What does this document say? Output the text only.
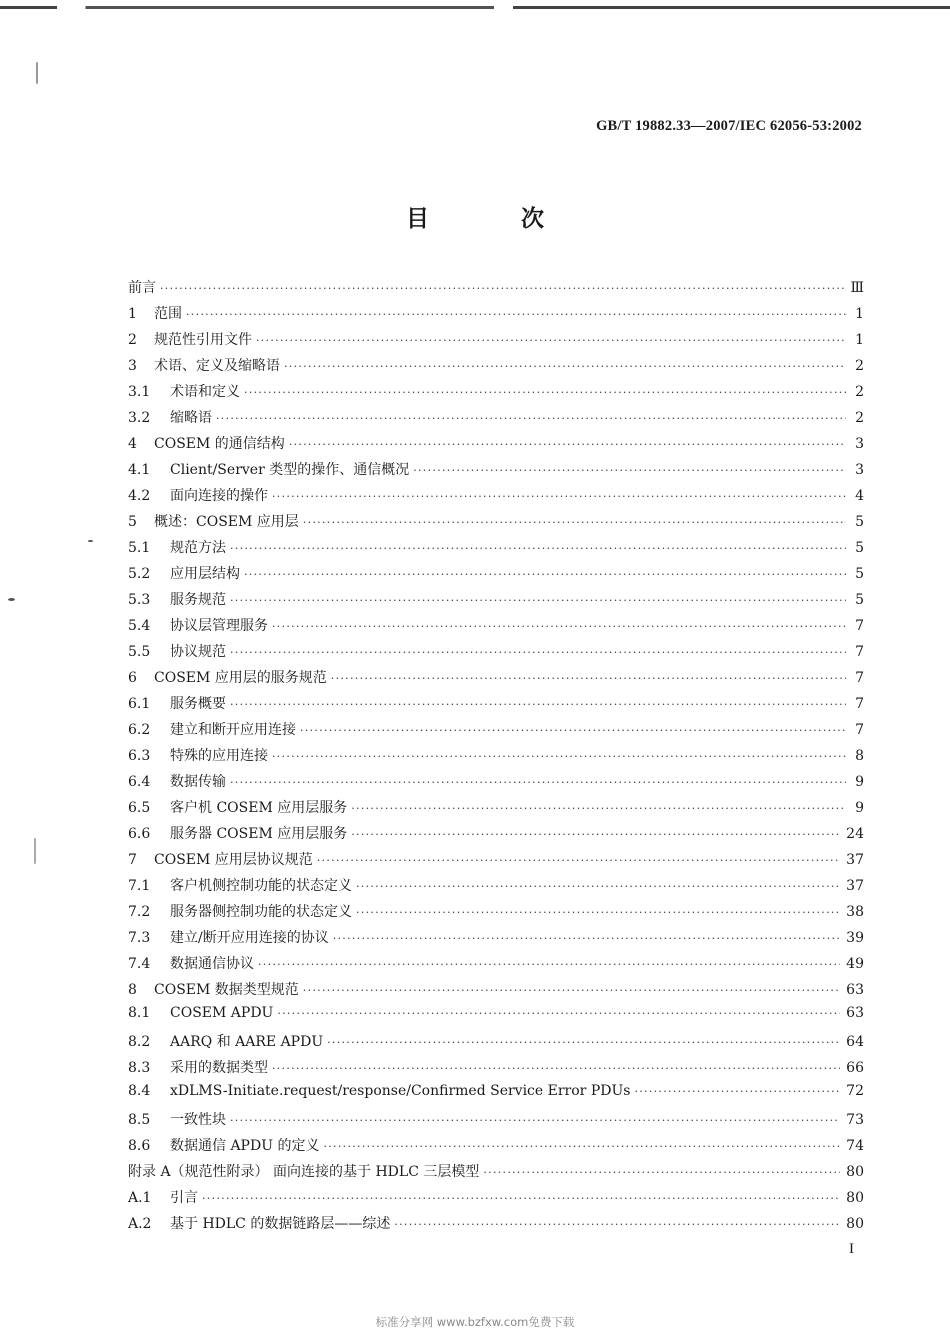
GB/T 19882.33—2007/IEC 62056-53:2002
目 次
前言 ·····	Ⅲ
1	范围 ·····	1
2	规范性引用文件 ·····	1
3	术语、定义及缩略语 ·····	2
3.1	术语和定义 ·····	2
3.2	缩略语 ·····	2
4	COSEM 的通信结构 ·····	3
4.1	Client/Server 类型的操作、通信概况 ·····	3
4.2	面向连接的操作 ·····	4
5	概述：COSEM 应用层 ·····	5
5.1	规范方法 ·····	5
5.2	应用层结构 ·····	5
5.3	服务规范 ·····	5
5.4	协议层管理服务 ·····	7
5.5	协议规范 ·····	7
6	COSEM 应用层的服务规范 ·····	7
6.1	服务概要 ·····	7
6.2	建立和断开应用连接 ·····	7
6.3	特殊的应用连接 ·····	8
6.4	数据传输 ·····	9
6.5	客户机 COSEM 应用层服务 ·····	9
6.6	服务器 COSEM 应用层服务 ·····	24
7	COSEM 应用层协议规范 ·····	37
7.1	客户机侧控制功能的状态定义 ·····	37
7.2	服务器侧控制功能的状态定义 ·····	38
7.3	建立/断开应用连接的协议 ·····	39
7.4	数据通信协议 ·····	49
8	COSEM 数据类型规范 ·····	63
8.1	COSEM APDU ·····	63
8.2	AARQ 和 AARE APDU ·····	64
8.3	采用的数据类型 ·····	66
8.4	xDLMS-Initiate.request/response/Confirmed Service Error PDUs ·····	72
8.5	一致性块 ·····	73
8.6	数据通信 APDU 的定义 ·····	74
附录 A（规范性附录） 面向连接的基于 HDLC 三层模型 ·····	80
A.1	引言 ·····	80
A.2	基于 HDLC 的数据链路层——综述 ·····	80
I
标准分享网 www.bzfxw.com免费下载
